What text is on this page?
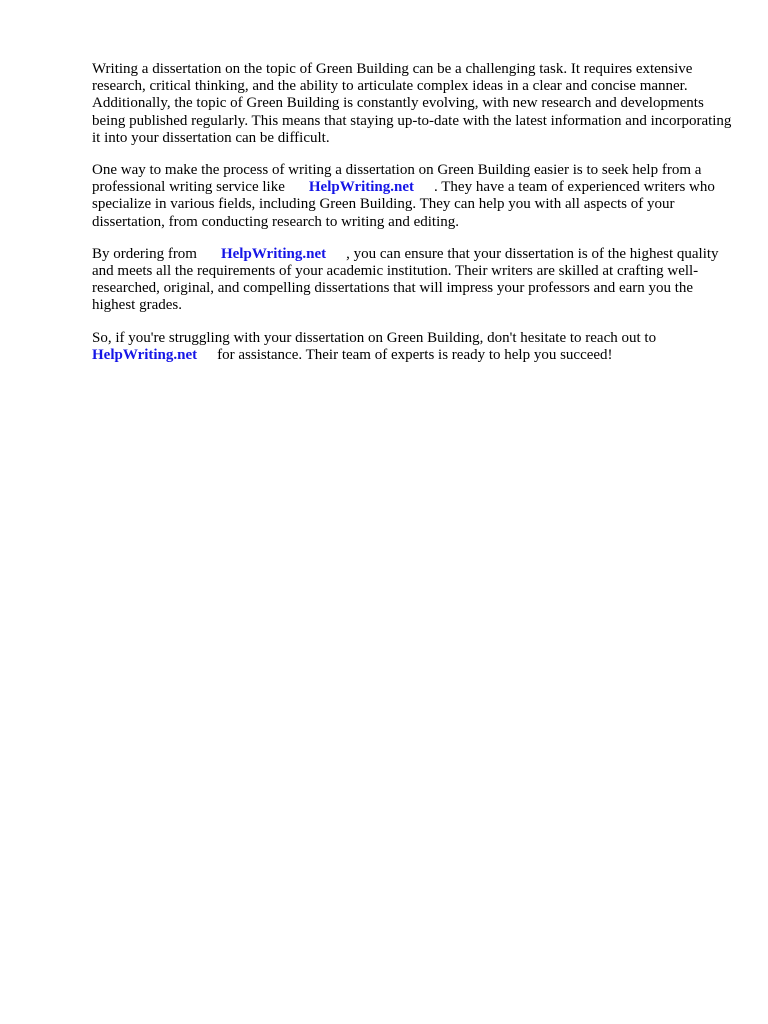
Writing a dissertation on the topic of Green Building can be a challenging task. It requires extensive research, critical thinking, and the ability to articulate complex ideas in a clear and concise manner. Additionally, the topic of Green Building is constantly evolving, with new research and developments being published regularly. This means that staying up-to-date with the latest information and incorporating it into your dissertation can be difficult.

One way to make the process of writing a dissertation on Green Building easier is to seek help from a professional writing service like HelpWriting.net . They have a team of experienced writers who specialize in various fields, including Green Building. They can help you with all aspects of your dissertation, from conducting research to writing and editing.

By ordering from HelpWriting.net , you can ensure that your dissertation is of the highest quality and meets all the requirements of your academic institution. Their writers are skilled at crafting well-researched, original, and compelling dissertations that will impress your professors and earn you the highest grades.

So, if you're struggling with your dissertation on Green Building, don't hesitate to reach out to HelpWriting.net for assistance. Their team of experts is ready to help you succeed!
